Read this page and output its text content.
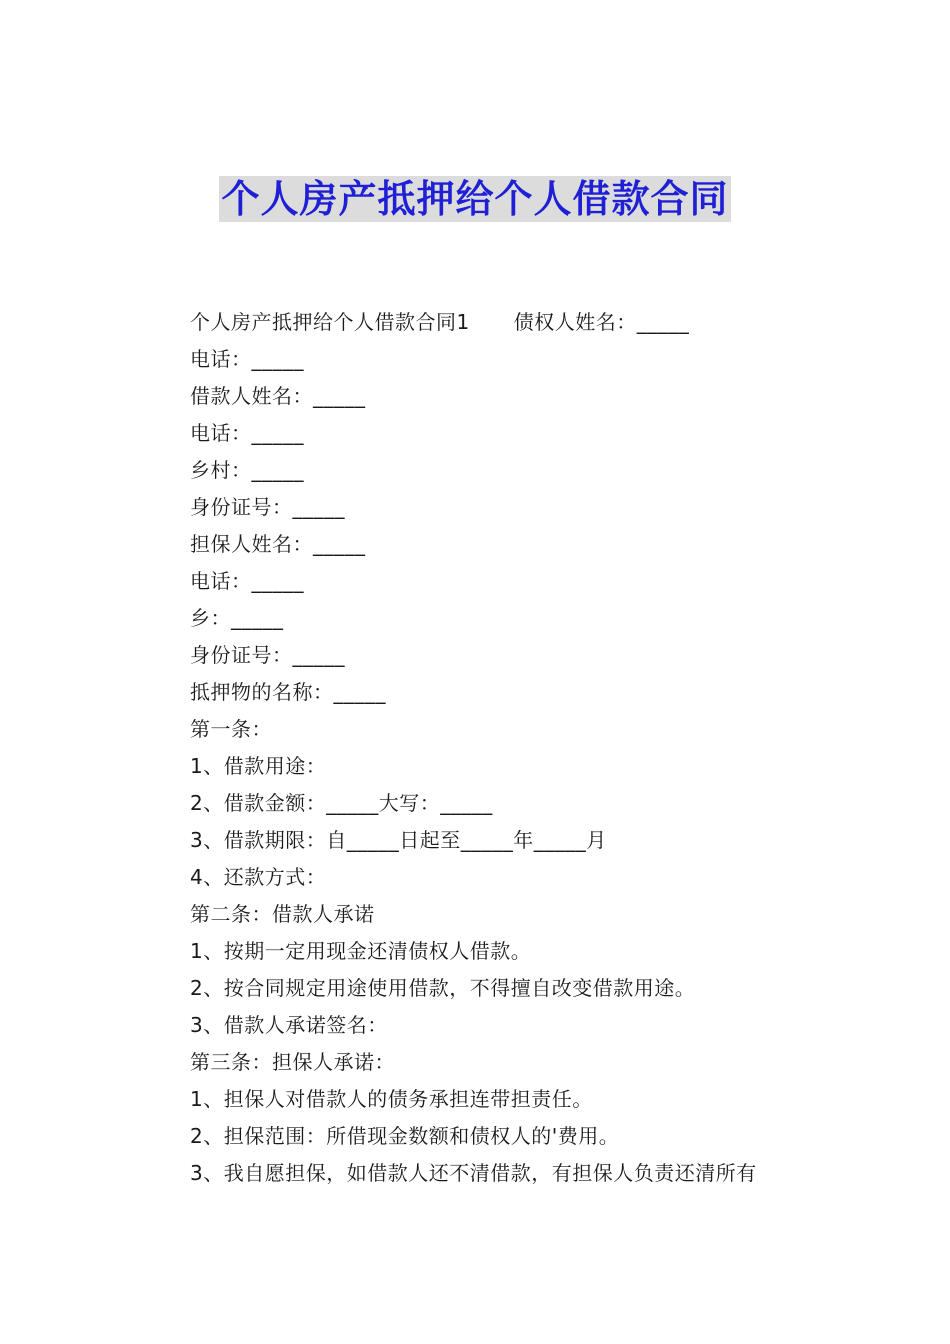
个人房产抵押给个人借款合同
个人房产抵押给个人借款合同1 债权人姓名：_____
电话：_____
借款人姓名：_____
电话：_____
乡村：_____
身份证号：_____
担保人姓名：_____
电话：_____
乡：_____
身份证号：_____
抵押物的名称：_____
第一条：
1、借款用途：
2、借款金额：_____大写：_____
3、借款期限：自_____日起至_____年_____月
4、还款方式：
第二条：借款人承诺
1、按期一定用现金还清债权人借款。
2、按合同规定用途使用借款，不得擅自改变借款用途。
3、借款人承诺签名：
第三条：担保人承诺：
1、担保人对借款人的债务承担连带担责任。
2、担保范围：所借现金数额和债权人的'费用。
3、我自愿担保，如借款人还不清借款，有担保人负责还清所有
